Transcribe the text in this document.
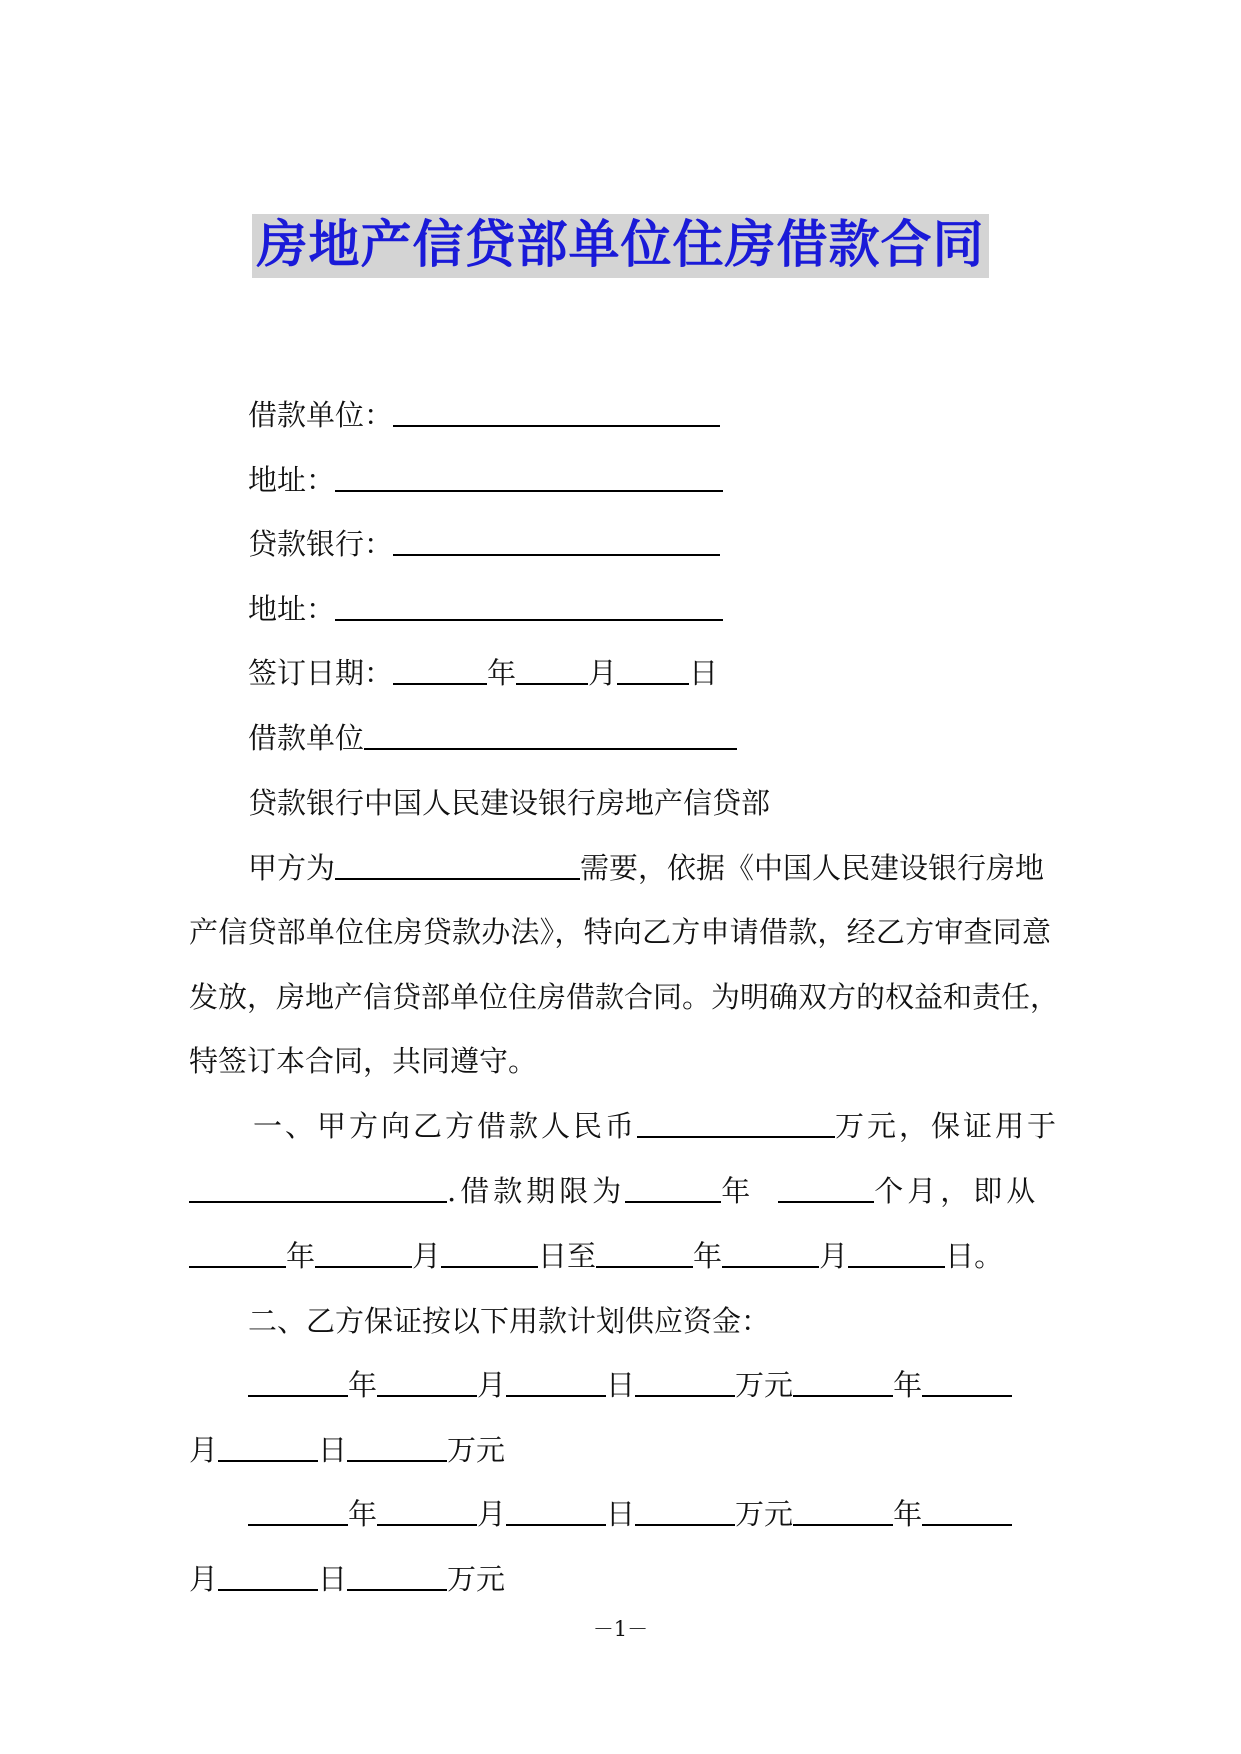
房地产信贷部单位住房借款合同
借款单位：
地址：
贷款银行：
地址：
签订日期：	年 月 日
借款单位
贷款银行中国人民建设银行房地产信贷部
甲方为	需要，依据《中国人民建设银行房地
产信贷部单位住房贷款办法》，特向乙方申请借款，经乙方审查同意
发放，房地产信贷部单位住房借款合同。为明确双方的权益和责任，
特签订本合同，共同遵守。
一、甲方向乙方借款人民币	万元，保证用于
.借款期限为	年	个月，即从
年	月	日至	年	月	日。
二、乙方保证按以下用款计划供应资金：
年	月	日	万元	年
月	日	万元
年	月	日	万元	年
月	日	万元
－1－
